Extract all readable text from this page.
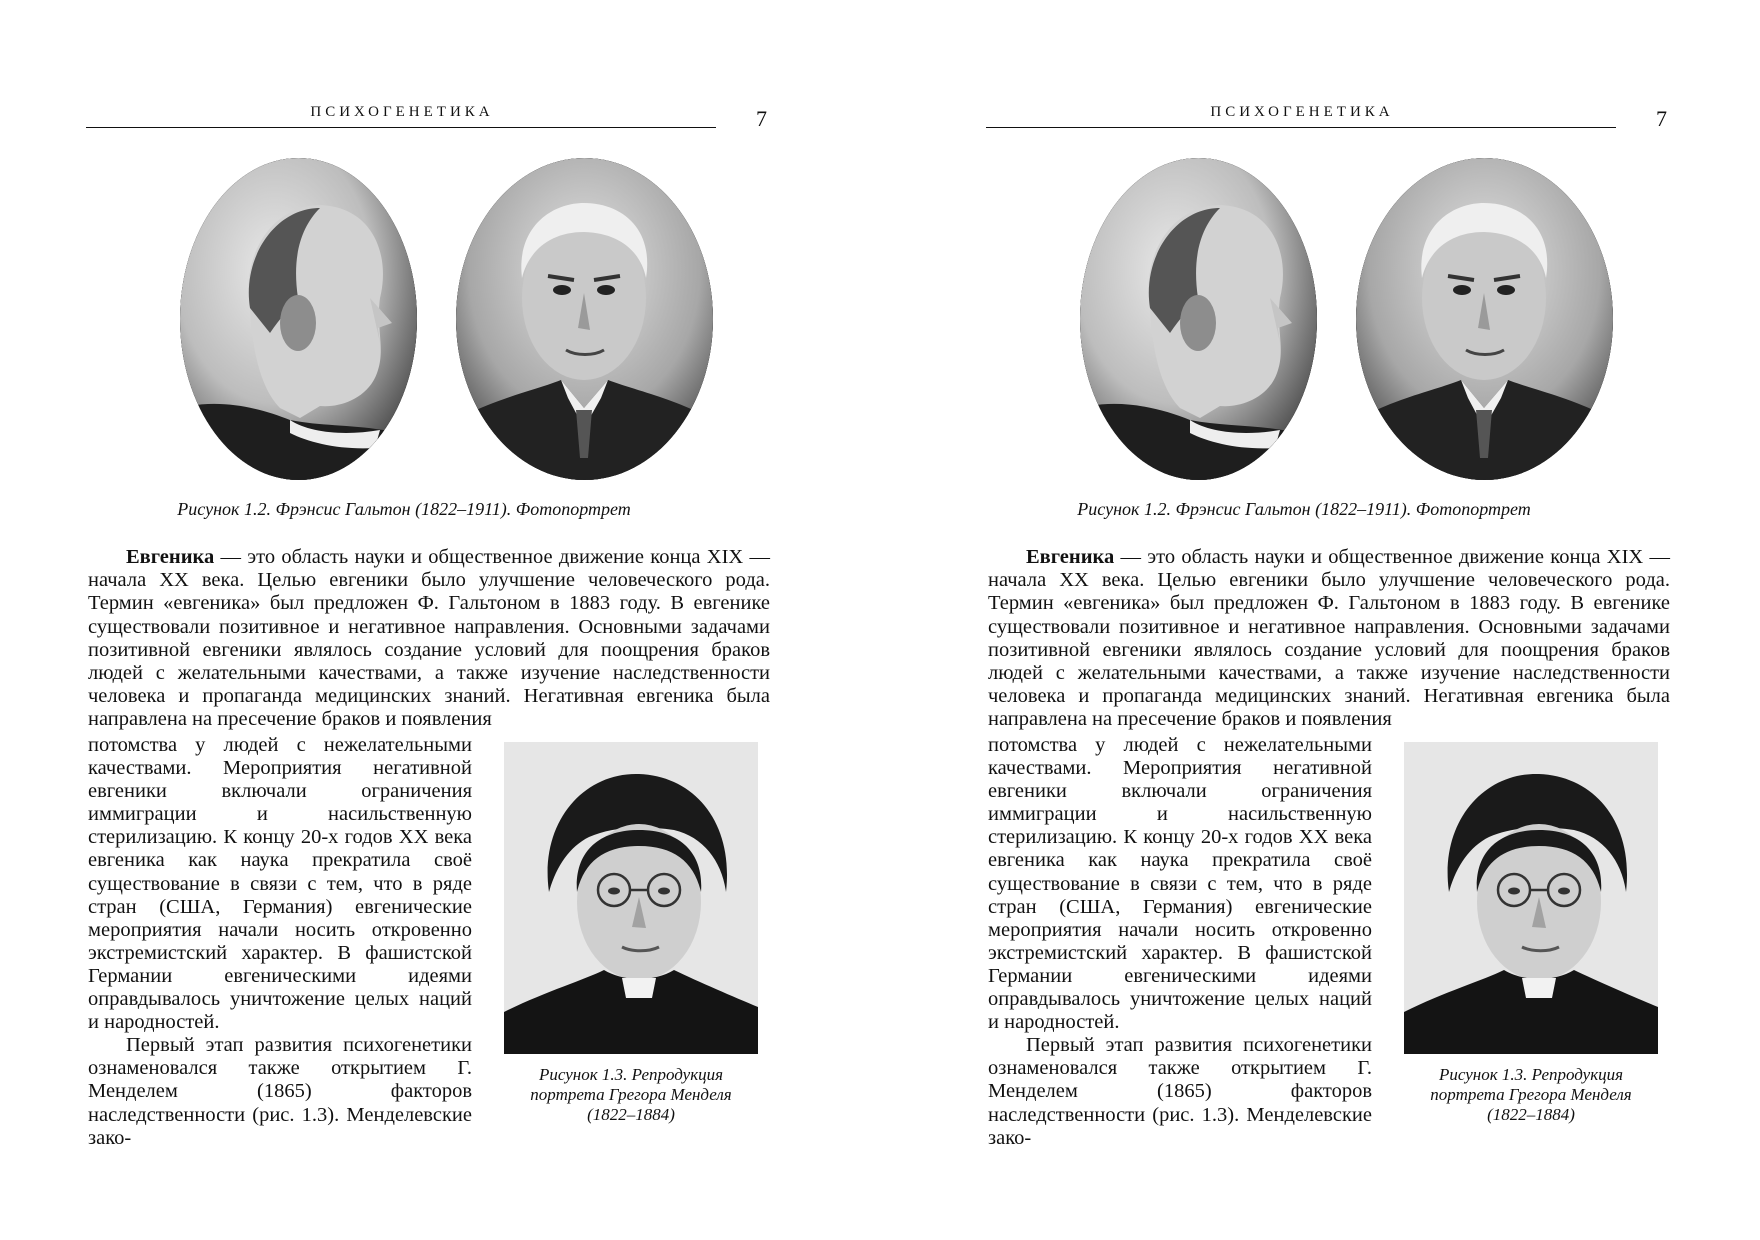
ПСИХОГЕНЕТИКА	7
Рисунок 1.2. Фрэнсис Гальтон (1822–1911). Фотопортрет

Евгеника — это область науки и общественное движение конца XIX — начала XX века. Целью евгеники было улучшение человеческого рода. Термин «евгеника» был предложен Ф. Гальтоном в 1883 году. В евгенике существовали позитивное и негативное направления. Основными задачами позитивной евгеники являлось создание условий для поощрения браков людей с желательными качествами, а также изучение наследственности человека и пропаганда медицинских знаний. Негативная евгеника была направлена на пресечение браков и появления

потомства у людей с нежелательными качествами. Мероприятия негативной евгеники включали ограничения иммиграции и насильственную стерилизацию. К концу 20-х годов XX века евгеника как наука прекратила своё существование в связи с тем, что в ряде стран (США, Германия) евгенические мероприятия начали носить откровенно экстремистский характер. В фашистской Германии евгеническими идеями оправдывалось уничтожение целых наций и народностей.

Первый этап развития психогенетики ознаменовался также открытием Г. Менделем (1865) факторов наследственности (рис. 1.3). Менделевские зако-

Рисунок 1.3. Репродукция
портрета Грегора Менделя
(1822–1884)
ПСИХОГЕНЕТИКА	7
Рисунок 1.2. Фрэнсис Гальтон (1822–1911). Фотопортрет

Евгеника — это область науки и общественное движение конца XIX — начала XX века. Целью евгеники было улучшение человеческого рода. Термин «евгеника» был предложен Ф. Гальтоном в 1883 году. В евгенике существовали позитивное и негативное направления. Основными задачами позитивной евгеники являлось создание условий для поощрения браков людей с желательными качествами, а также изучение наследственности человека и пропаганда медицинских знаний. Негативная евгеника была направлена на пресечение браков и появления

потомства у людей с нежелательными качествами. Мероприятия негативной евгеники включали ограничения иммиграции и насильственную стерилизацию. К концу 20-х годов XX века евгеника как наука прекратила своё существование в связи с тем, что в ряде стран (США, Германия) евгенические мероприятия начали носить откровенно экстремистский характер. В фашистской Германии евгеническими идеями оправдывалось уничтожение целых наций и народностей.

Первый этап развития психогенетики ознаменовался также открытием Г. Менделем (1865) факторов наследственности (рис. 1.3). Менделевские зако-

Рисунок 1.3. Репродукция
портрета Грегора Менделя
(1822–1884)
